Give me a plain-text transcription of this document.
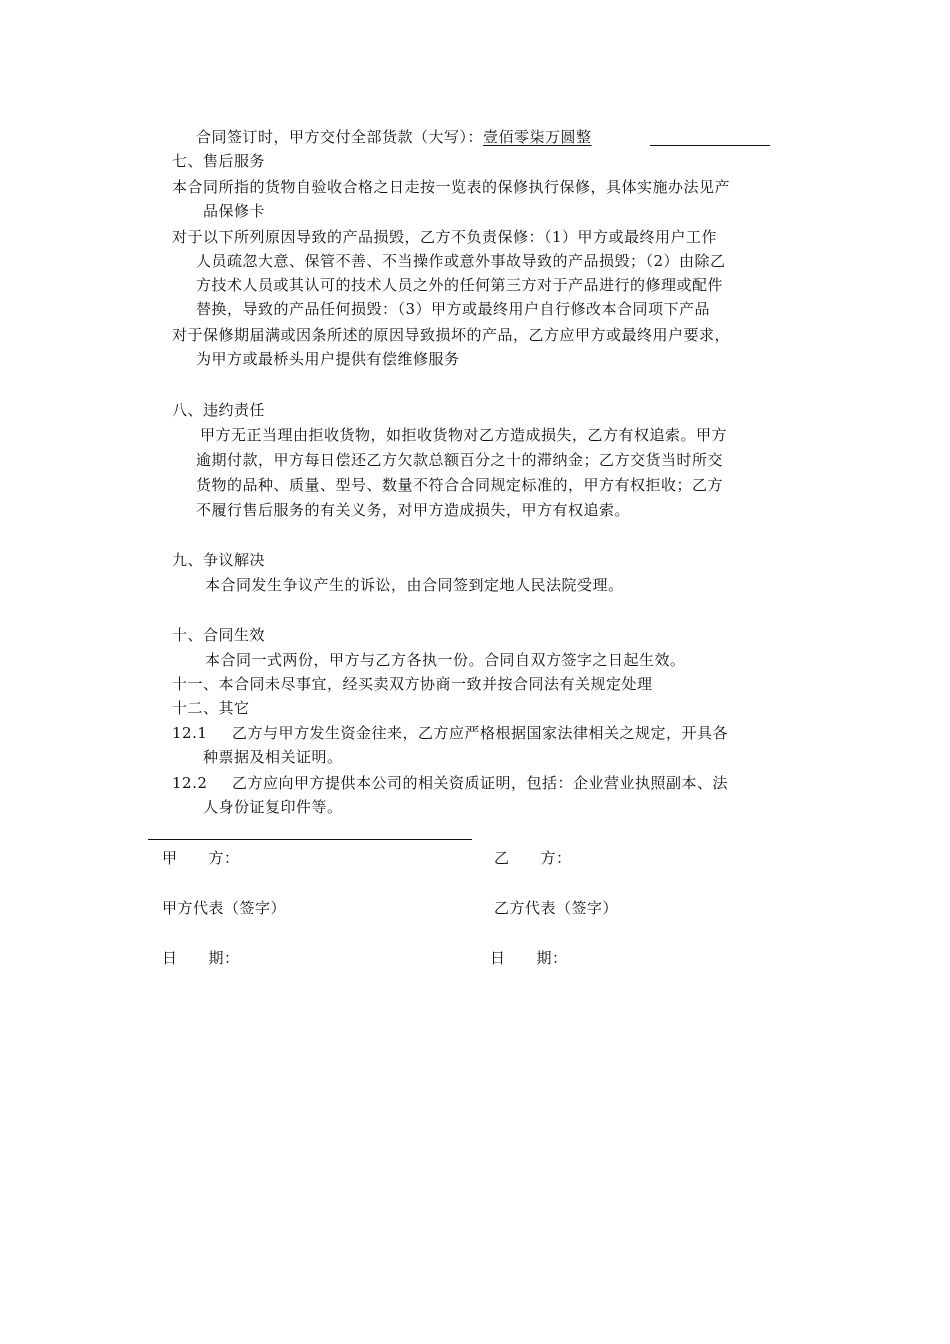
合同签订时，甲方交付全部货款（大写）：壹佰零柒万圆整
七、售后服务
本合同所指的货物自验收合格之日走按一览表的保修执行保修，具体实施办法见产
品保修卡
对于以下所列原因导致的产品损毁，乙方不负责保修：（1）甲方或最终用户工作
人员疏忽大意、保管不善、不当操作或意外事故导致的产品损毁；（2）由除乙
方技术人员或其认可的技术人员之外的任何第三方对于产品进行的修理或配件
替换，导致的产品任何损毁：（3）甲方或最终用户自行修改本合同项下产品
对于保修期届满或因条所述的原因导致损坏的产品，乙方应甲方或最终用户要求，
为甲方或最桥头用户提供有偿维修服务
八、违约责任
甲方无正当理由拒收货物，如拒收货物对乙方造成损失，乙方有权追索。甲方
逾期付款，甲方每日偿还乙方欠款总额百分之十的滞纳金；乙方交货当时所交
货物的品种、质量、型号、数量不符合合同规定标准的，甲方有权拒收；乙方
不履行售后服务的有关义务，对甲方造成损失，甲方有权追索。
九、争议解决
本合同发生争议产生的诉讼，由合同签到定地人民法院受理。
十、合同生效
本合同一式两份，甲方与乙方各执一份。合同自双方签字之日起生效。
十一、本合同未尽事宜，经买卖双方协商一致并按合同法有关规定处理
十二、其它
12.1 乙方与甲方发生资金往来，乙方应严格根据国家法律相关之规定，开具各
种票据及相关证明。
12.2 乙方应向甲方提供本公司的相关资质证明，包括：企业营业执照副本、法
人身份证复印件等。
甲　　方：	乙　　方：
甲方代表（签字）	乙方代表（签字）
日　　期：	日　　期：
